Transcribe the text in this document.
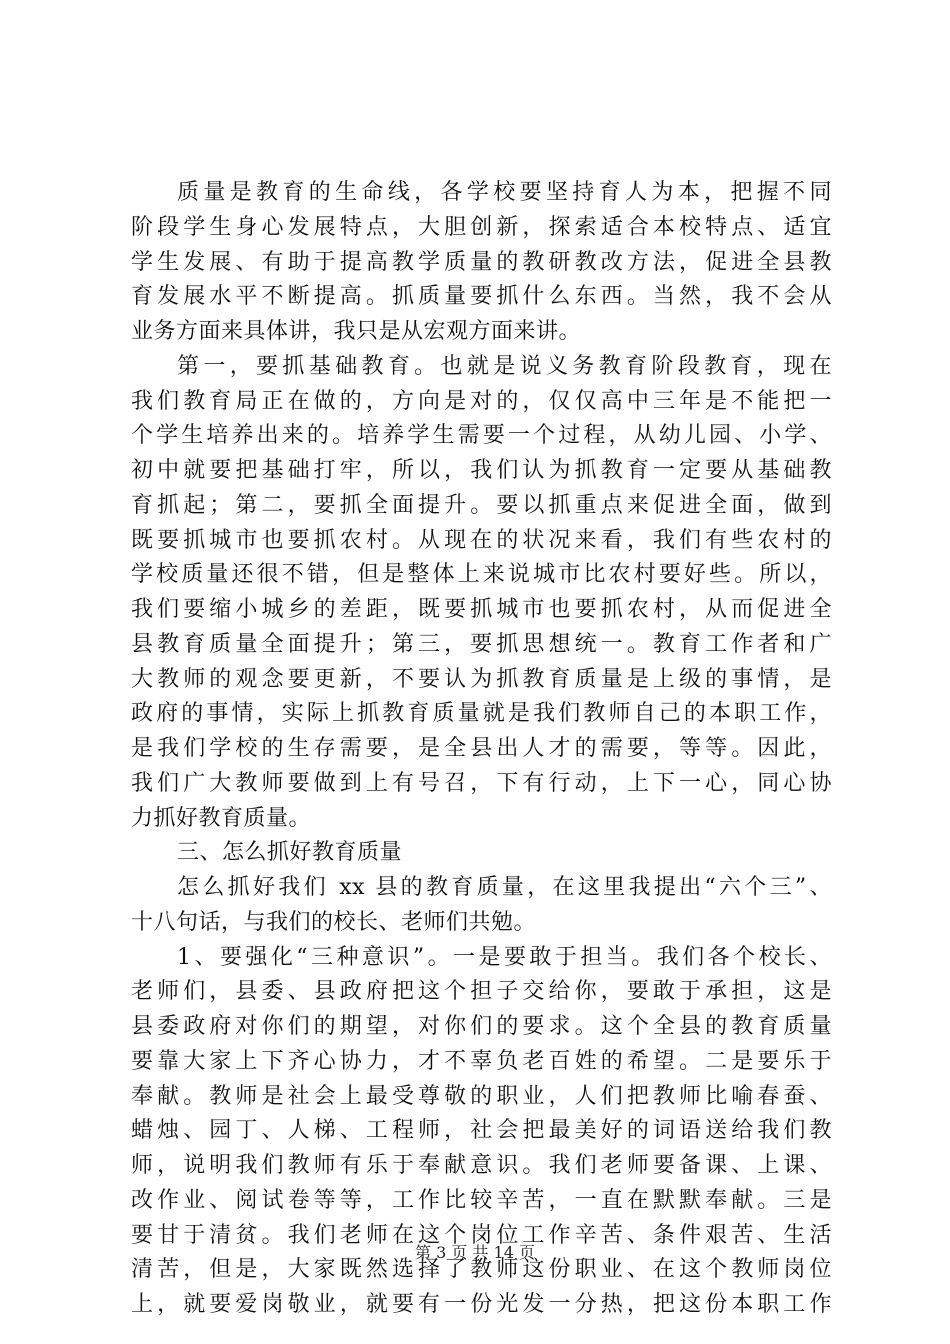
质量是教育的生命线，各学校要坚持育人为本，把握不同
阶段学生身心发展特点，大胆创新，探索适合本校特点、适宜
学生发展、有助于提高教学质量的教研教改方法，促进全县教
育发展水平不断提高。抓质量要抓什么东西。当然，我不会从
业务方面来具体讲，我只是从宏观方面来讲。
第一，要抓基础教育。也就是说义务教育阶段教育，现在
我们教育局正在做的，方向是对的，仅仅高中三年是不能把一
个学生培养出来的。培养学生需要一个过程，从幼儿园、小学、
初中就要把基础打牢，所以，我们认为抓教育一定要从基础教
育抓起；第二，要抓全面提升。要以抓重点来促进全面，做到
既要抓城市也要抓农村。从现在的状况来看，我们有些农村的
学校质量还很不错，但是整体上来说城市比农村要好些。所以，
我们要缩小城乡的差距，既要抓城市也要抓农村，从而促进全
县教育质量全面提升；第三，要抓思想统一。教育工作者和广
大教师的观念要更新，不要认为抓教育质量是上级的事情，是
政府的事情，实际上抓教育质量就是我们教师自己的本职工作，
是我们学校的生存需要，是全县出人才的需要，等等。因此，
我们广大教师要做到上有号召，下有行动，上下一心，同心协
力抓好教育质量。
三、怎么抓好教育质量
怎么抓好我们 xx 县的教育质量，在这里我提出“六个三”、
十八句话，与我们的校长、老师们共勉。
1、要强化“三种意识”。一是要敢于担当。我们各个校长、
老师们，县委、县政府把这个担子交给你，要敢于承担，这是
县委政府对你们的期望，对你们的要求。这个全县的教育质量
要靠大家上下齐心协力，才不辜负老百姓的希望。二是要乐于
奉献。教师是社会上最受尊敬的职业，人们把教师比喻春蚕、
蜡烛、园丁、人梯、工程师，社会把最美好的词语送给我们教
师，说明我们教师有乐于奉献意识。我们老师要备课、上课、
改作业、阅试卷等等，工作比较辛苦，一直在默默奉献。三是
要甘于清贫。我们老师在这个岗位工作辛苦、条件艰苦、生活
清苦，但是，大家既然选择了教师这份职业、在这个教师岗位
上，就要爱岗敬业，就要有一份光发一分热，把这份本职工作
第 3 页 共 14 页
